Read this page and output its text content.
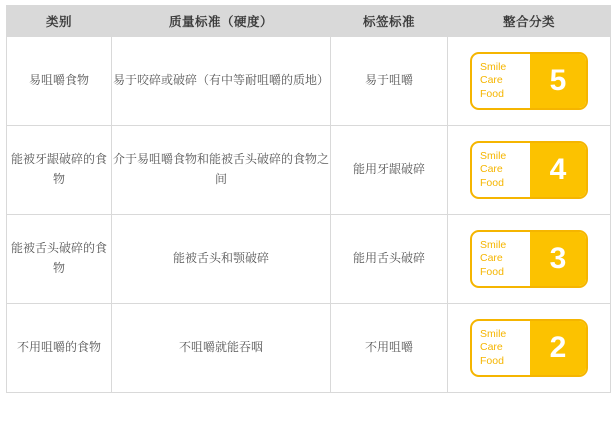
类别	质量标准（硬度）	标签标准	整合分类
易咀嚼食物	易于咬碎或破碎（有中等耐咀嚼的质地）	易于咀嚼	Smile
Care
Food 5

能被牙龈破碎的食物	介于易咀嚼食物和能被舌头破碎的食物之间	能用牙龈破碎	Smile
Care
Food 4

能被舌头破碎的食物	能被舌头和颚破碎	能用舌头破碎	Smile
Care
Food 3

不用咀嚼的食物	不咀嚼就能吞咽	不用咀嚼	Smile
Care
Food 2
